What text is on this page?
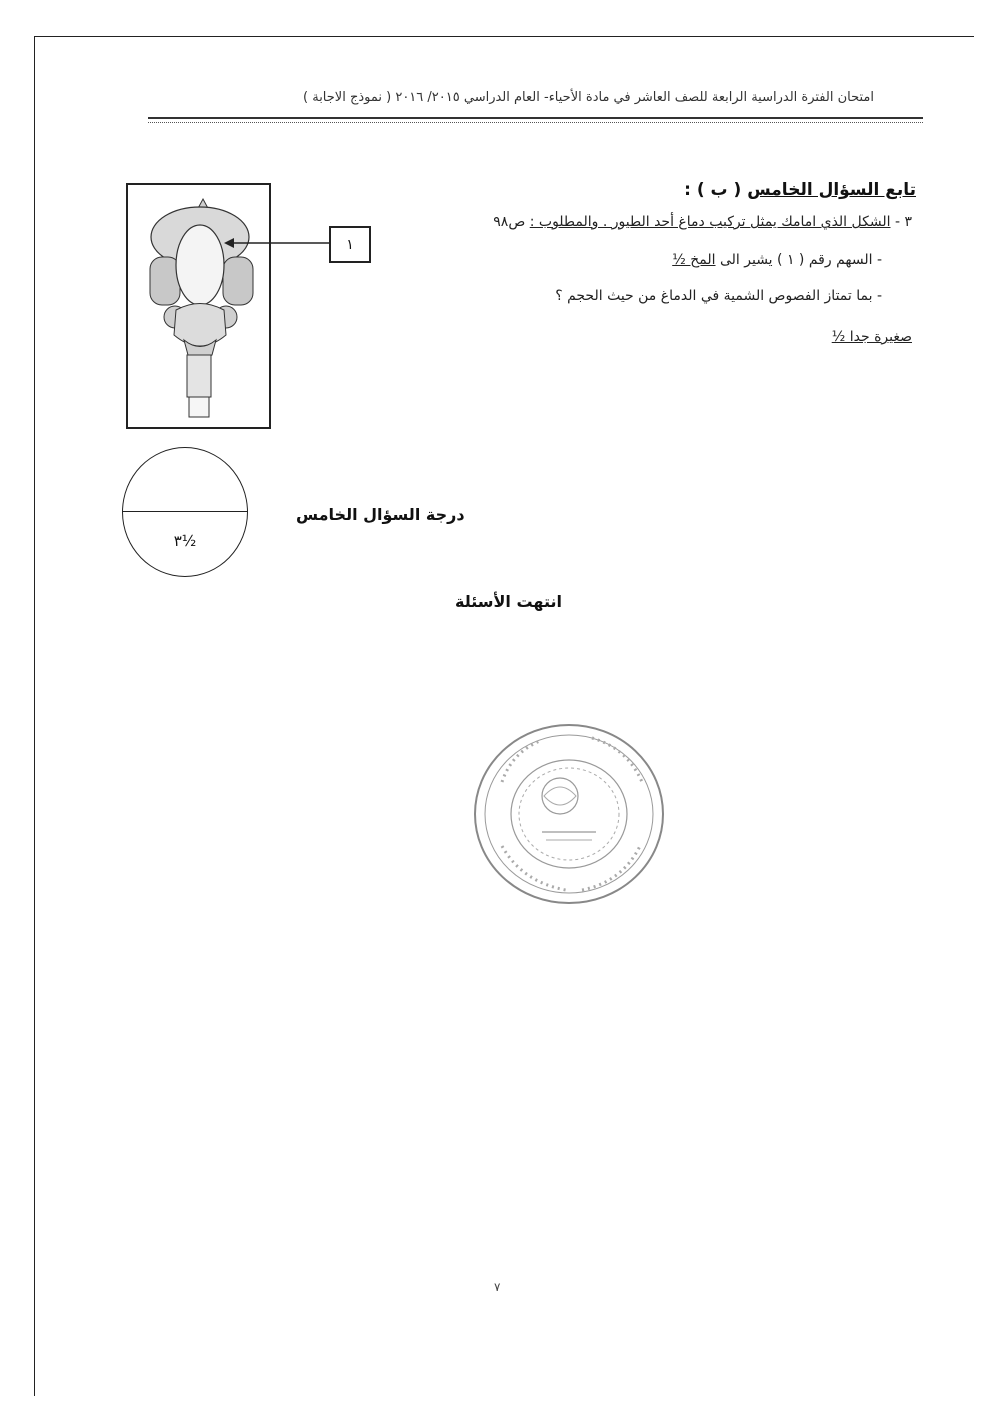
امتحان الفترة الدراسية الرابعة للصف العاشر في مادة الأحياء- العام الدراسي ٢٠١٥/ ٢٠١٦ ( نموذج الاجابة )
تابع السؤال الخامس ( ب ) :
٣ - الشكل الذي امامك يمثل تركيب دماغ أحد الطيور . والمطلوب : ص٩٨
- السهم رقم ( ١ ) يشير الى المخ ½
- بما تمتاز الفصوص الشمية في الدماغ من حيث الحجم ؟
صغيرة جدا ½
١
٣½
درجة السؤال الخامس
انتهت الأسئلة
٧
